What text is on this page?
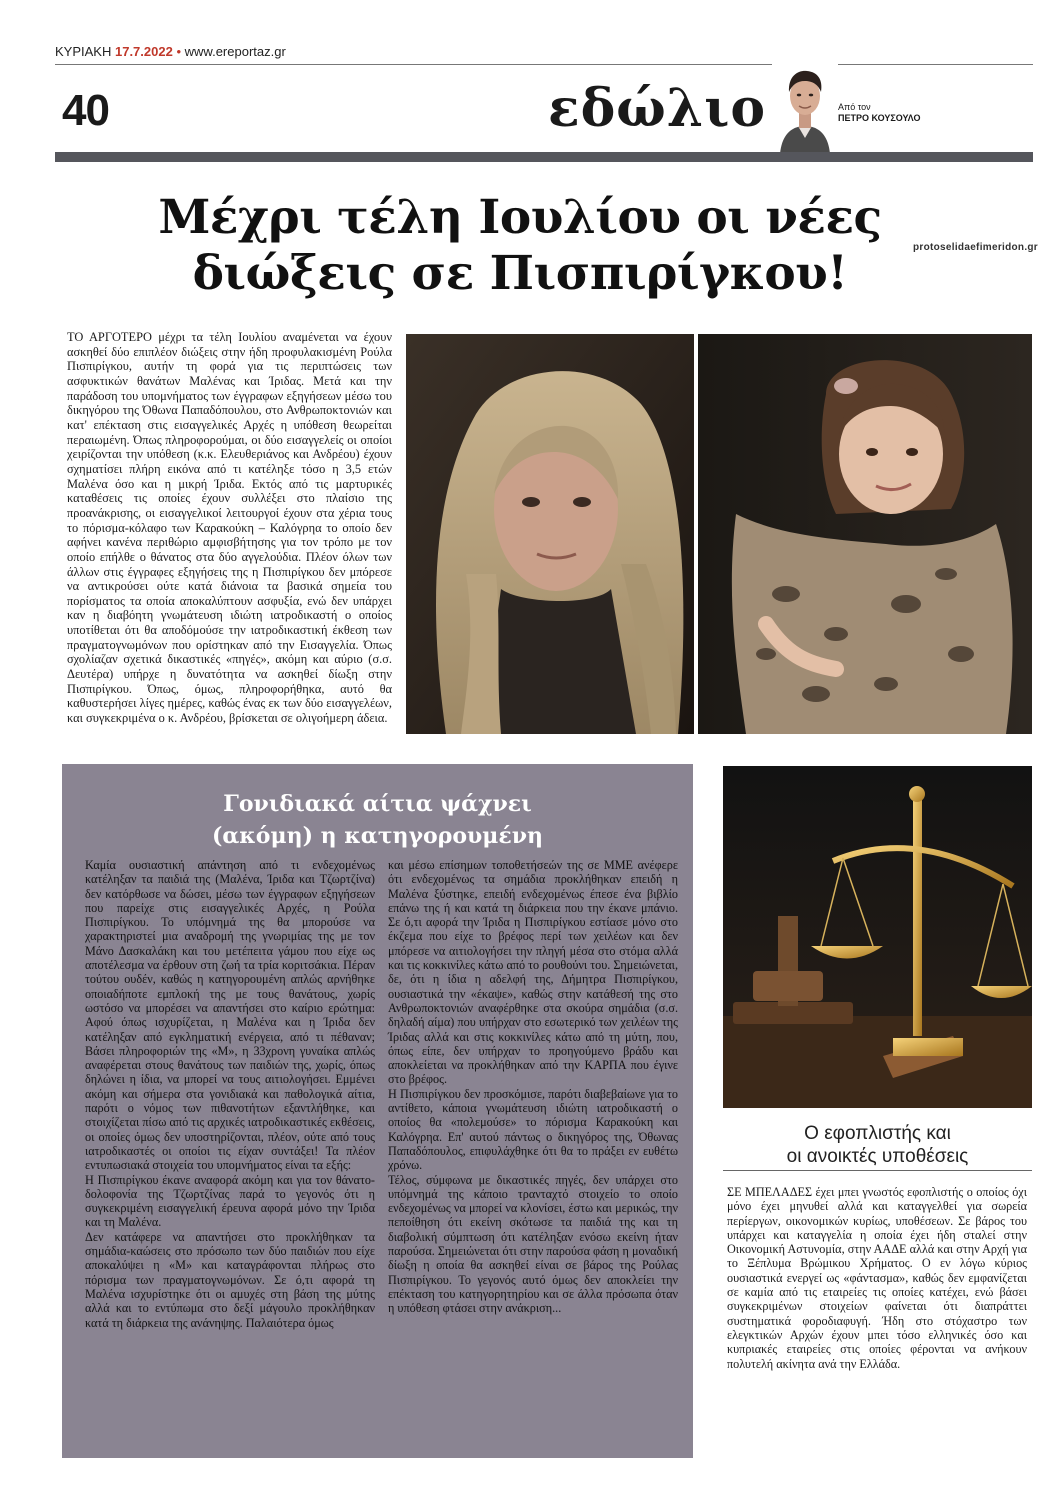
ΚΥΡΙΑΚΗ 17.7.2022 • www.ereportaz.gr
40	εδώλιο	Από τον
ΠΕΤΡΟ ΚΟΥΣΟΥΛΟ
Μέχρι τέλη Ιουλίου οι νέες
διώξεις σε Πισπιρίγκου!	protoselidaefimeridon.gr

ΤΟ ΑΡΓΟΤΕΡΟ μέχρι τα τέλη Ιουλίου αναμένεται να έχουν ασκηθεί δύο επιπλέον διώξεις στην ήδη προφυλακισμένη Ρούλα Πισπιρίγκου, αυτήν τη φορά για τις περιπτώσεις των ασφυκτικών θανάτων Μαλένας και Ίριδας. Μετά και την παράδοση του υπομνήματος των έγγραφων εξηγήσεων μέσω του δικηγόρου της Όθωνα Παπαδόπουλου, στο Ανθρωποκτονιών και κατ' επέκταση στις εισαγγελικές Αρχές η υπόθεση θεωρείται περαιωμένη. Όπως πληροφορούμαι, οι δύο εισαγγελείς οι οποίοι χειρίζονται την υπόθεση (κ.κ. Ελευθεριάνος και Ανδρέου) έχουν σχηματίσει πλήρη εικόνα από τι κατέληξε τόσο η 3,5 ετών Μαλένα όσο και η μικρή Ίριδα. Εκτός από τις μαρτυρικές καταθέσεις τις οποίες έχουν συλλέξει στο πλαίσιο της προανάκρισης, οι εισαγγελικοί λειτουργοί έχουν στα χέρια τους το πόρισμα-κόλαφο των Καρακούκη – Καλόγρηα το οποίο δεν αφήνει κανένα περιθώριο αμφισβήτησης για τον τρόπο με τον οποίο επήλθε ο θάνατος στα δύο αγγελούδια. Πλέον όλων των άλλων στις έγγραφες εξηγήσεις της η Πισπιρίγκου δεν μπόρεσε να αντικρούσει ούτε κατά διάνοια τα βασικά σημεία του πορίσματος τα οποία αποκαλύπτουν ασφυξία, ενώ δεν υπάρχει καν η διαβόητη γνωμάτευση ιδιώτη ιατροδικαστή ο οποίος υποτίθεται ότι θα αποδόμούσε την ιατροδικαστική έκθεση των πραγματογνωμόνων που ορίστηκαν από την Εισαγγελία. Όπως σχολίαζαν σχετικά δικαστικές «πηγές», ακόμη και αύριο (σ.σ. Δευτέρα) υπήρχε η δυνατότητα να ασκηθεί δίωξη στην Πισπιρίγκου. Όπως, όμως, πληροφορήθηκα, αυτό θα καθυστερήσει λίγες ημέρες, καθώς ένας εκ των δύο εισαγγελέων, και συγκεκριμένα ο κ. Ανδρέου, βρίσκεται σε ολιγοήμερη άδεια.

Γονιδιακά αίτια ψάχνει
(ακόμη) η κατηγορουμένη

Καμία ουσιαστική απάντηση από τι ενδεχομένως κατέληξαν τα παιδιά της (Μαλένα, Ίριδα και Τζωρτζίνα) δεν κατόρθωσε να δώσει, μέσω των έγγραφων εξηγήσεων που παρείχε στις εισαγγελικές Αρχές, η Ρούλα Πισπιρίγκου. Το υπόμνημά της θα μπορούσε να χαρακτηριστεί μια αναδρομή της γνωριμίας της με τον Μάνο Δασκαλάκη και του μετέπειτα γάμου που είχε ως αποτέλεσμα να έρθουν στη ζωή τα τρία κοριτσάκια. Πέραν τούτου ουδέν, καθώς η κατηγορουμένη απλώς αρνήθηκε οποιαδήποτε εμπλοκή της με τους θανάτους, χωρίς ωστόσο να μπορέσει να απαντήσει στο καίριο ερώτημα: Αφού όπως ισχυρίζεται, η Μαλένα και η Ίριδα δεν κατέληξαν από εγκληματική ενέργεια, από τι πέθαναν; Βάσει πληροφοριών της «Μ», η 33χρονη γυναίκα απλώς αναφέρεται στους θανάτους των παιδιών της, χωρίς, όπως δηλώνει η ίδια, να μπορεί να τους αιτιολογήσει. Εμμένει ακόμη και σήμερα στα γονιδιακά και παθολογικά αίτια, παρότι ο νόμος των πιθανοτήτων εξαντλήθηκε, και στοιχίζεται πίσω από τις αρχικές ιατροδικαστικές εκθέσεις, οι οποίες όμως δεν υποστηρίζονται, πλέον, ούτε από τους ιατροδικαστές οι οποίοι τις είχαν συντάξει! Τα πλέον εντυπωσιακά στοιχεία του υπομνήματος είναι τα εξής:

Η Πισπιρίγκου έκανε αναφορά ακόμη και για τον θάνατο-δολοφονία της Τζωρτζίνας παρά το γεγονός ότι η συγκεκριμένη εισαγγελική έρευνα αφορά μόνο την Ίριδα και τη Μαλένα.

Δεν κατάφερε να απαντήσει στο προκλήθηκαν τα σημάδια-καώσεις στο πρόσωπο των δύο παιδιών που είχε αποκαλύψει η «Μ» και καταγράφονται πλήρως στο πόρισμα των πραγματογνωμόνων. Σε ό,τι αφορά τη Μαλένα ισχυρίστηκε ότι οι αμυχές στη βάση της μύτης αλλά και το εντύπωμα στο δεξί μάγουλο προκλήθηκαν κατά τη διάρκεια της ανάνηψης. Παλαιότερα όμως

και μέσω επίσημων τοποθετήσεών της σε ΜΜΕ ανέφερε ότι ενδεχομένως τα σημάδια προκλήθηκαν επειδή η Μαλένα ξύστηκε, επειδή ενδεχομένως έπεσε ένα βιβλίο επάνω της ή και κατά τη διάρκεια που την έκανε μπάνιο. Σε ό,τι αφορά την Ίριδα η Πισπιρίγκου εστίασε μόνο στο έκζεμα που είχε το βρέφος περί των χειλέων και δεν μπόρεσε να αιτιολογήσει την πληγή μέσα στο στόμα αλλά και τις κοκκινίλες κάτω από το ρουθούνι του. Σημειώνεται, δε, ότι η ίδια η αδελφή της, Δήμητρα Πισπιρίγκου, ουσιαστικά την «έκαψε», καθώς στην κατάθεσή της στο Ανθρωποκτονιών αναφέρθηκε στα σκούρα σημάδια (σ.σ. δηλαδή αίμα) που υπήρχαν στο εσωτερικό των χειλέων της Ίριδας αλλά και στις κοκκινίλες κάτω από τη μύτη, που, όπως είπε, δεν υπήρχαν το προηγούμενο βράδυ και αποκλείεται να προκλήθηκαν από την ΚΑΡΠΑ που έγινε στο βρέφος.

Η Πισπιρίγκου δεν προσκόμισε, παρότι διαβεβαίωνε για το αντίθετο, κάποια γνωμάτευση ιδιώτη ιατροδικαστή ο οποίος θα «πολεμούσε» το πόρισμα Καρακούκη και Καλόγρηα. Επ' αυτού πάντως ο δικηγόρος της, Όθωνας Παπαδόπουλος, επιφυλάχθηκε ότι θα το πράξει εν ευθέτω χρόνω.

Τέλος, σύμφωνα με δικαστικές πηγές, δεν υπάρχει στο υπόμνημά της κάποιο τρανταχτό στοιχείο το οποίο ενδεχομένως να μπορεί να κλονίσει, έστω και μερικώς, την πεποίθηση ότι εκείνη σκότωσε τα παιδιά της και τη διαβολική σύμπτωση ότι κατέληξαν ενόσω εκείνη ήταν παρούσα. Σημειώνεται ότι στην παρούσα φάση η μοναδική δίωξη η οποία θα ασκηθεί είναι σε βάρος της Ρούλας Πισπιρίγκου. Το γεγονός αυτό όμως δεν αποκλείει την επέκταση του κατηγορητηρίου και σε άλλα πρόσωπα όταν η υπόθεση φτάσει στην ανάκριση...

Ο εφοπλιστής και
οι ανοικτές υποθέσεις

ΣΕ ΜΠΕΛΑΔΕΣ έχει μπει γνωστός εφοπλιστής ο οποίος όχι μόνο έχει μηνυθεί αλλά και καταγγελθεί για σωρεία περίεργων, οικονομικών κυρίως, υποθέσεων. Σε βάρος του υπάρχει και καταγγελία η οποία έχει ήδη σταλεί στην Οικονομική Αστυνομία, στην ΑΑΔΕ αλλά και στην Αρχή για το Ξέπλυμα Βρώμικου Χρήματος. Ο εν λόγω κύριος ουσιαστικά ενεργεί ως «φάντασμα», καθώς δεν εμφανίζεται σε καμία από τις εταιρείες τις οποίες κατέχει, ενώ βάσει συγκεκριμένων στοιχείων φαίνεται ότι διαπράττει συστηματικά φοροδιαφυγή. Ήδη στο στόχαστρο των ελεγκτικών Αρχών έχουν μπει τόσο ελληνικές όσο και κυπριακές εταιρείες στις οποίες φέρονται να ανήκουν πολυτελή ακίνητα ανά την Ελλάδα.
